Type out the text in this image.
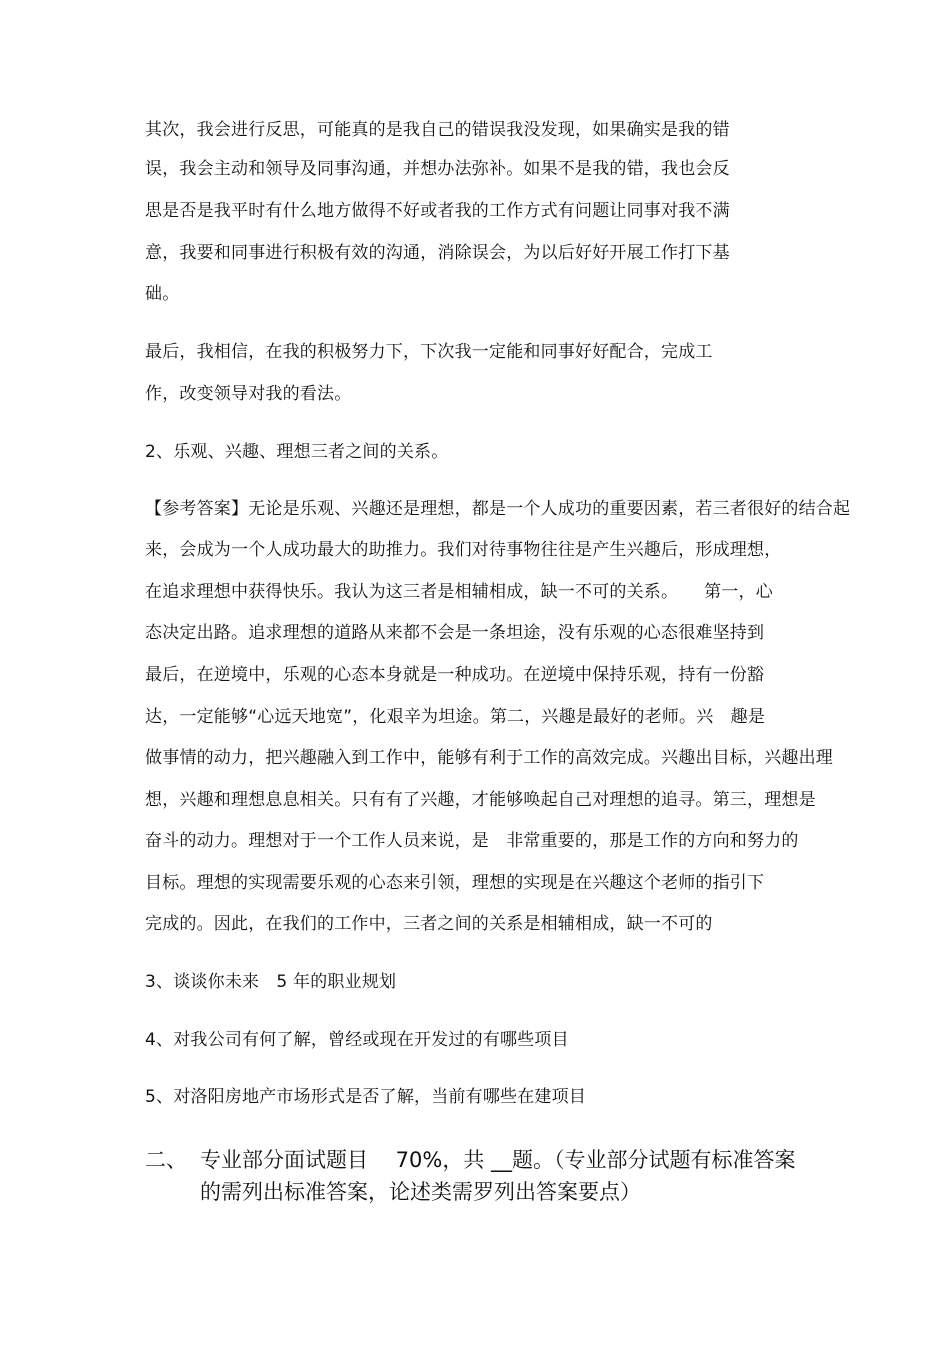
其次，我会进行反思，可能真的是我自己的错误我没发现，如果确实是我的错
误，我会主动和领导及同事沟通，并想办法弥补。如果不是我的错，我也会反
思是否是我平时有什么地方做得不好或者我的工作方式有问题让同事对我不满
意，我要和同事进行积极有效的沟通，消除误会，为以后好好开展工作打下基
础。
最后，我相信，在我的积极努力下，下次我一定能和同事好好配合，完成工
作，改变领导对我的看法。
2、乐观、兴趣、理想三者之间的关系。
【参考答案】无论是乐观、兴趣还是理想，都是一个人成功的重要因素，若三者很好的结合起
来，会成为一个人成功最大的助推力。我们对待事物往往是产生兴趣后，形成理想，
在追求理想中获得快乐。我认为这三者是相辅相成，缺一不可的关系。　　第一，心
态决定出路。追求理想的道路从来都不会是一条坦途，没有乐观的心态很难坚持到
最后，在逆境中，乐观的心态本身就是一种成功。在逆境中保持乐观，持有一份豁
达，一定能够“心远天地宽”，化艰辛为坦途。第二，兴趣是最好的老师。兴　趣是
做事情的动力，把兴趣融入到工作中，能够有利于工作的高效完成。兴趣出目标，兴趣出理
想，兴趣和理想息息相关。只有有了兴趣，才能够唤起自己对理想的追寻。第三，理想是
奋斗的动力。理想对于一个工作人员来说，是　非常重要的，那是工作的方向和努力的
目标。理想的实现需要乐观的心态来引领，理想的实现是在兴趣这个老师的指引下
完成的。因此，在我们的工作中，三者之间的关系是相辅相成，缺一不可的
3、谈谈你未来　5 年的职业规划
4、对我公司有何了解，曾经或现在开发过的有哪些项目
5、对洛阳房地产市场形式是否了解，当前有哪些在建项目
二、 专业部分面试题目　 70%，共 __题。（专业部分试题有标准答案
的需列出标准答案，论述类需罗列出答案要点）
